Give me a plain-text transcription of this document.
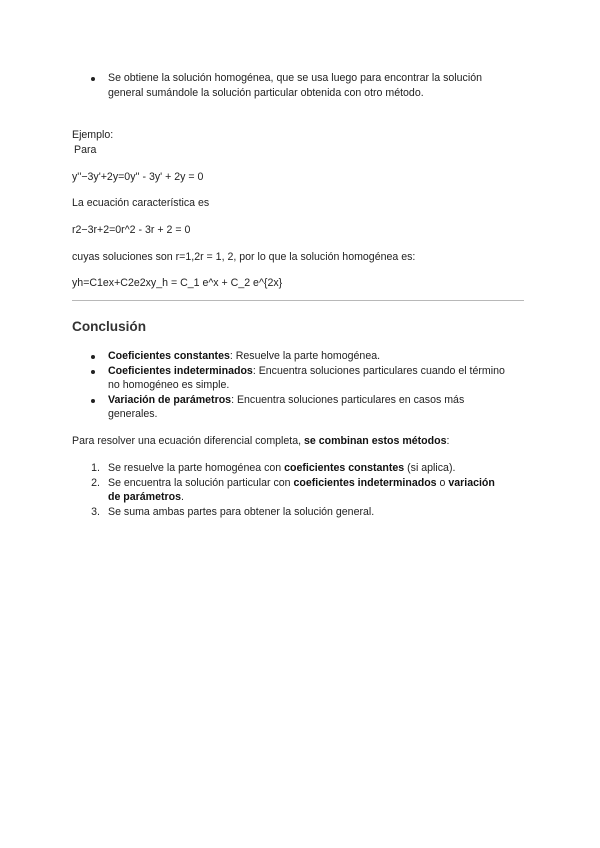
Se obtiene la solución homogénea, que se usa luego para encontrar la solución
general sumándole la solución particular obtenida con otro método.
Ejemplo:
Para
y''−3y'+2y=0y'' - 3y' + 2y = 0
La ecuación característica es
r2−3r+2=0r^2 - 3r + 2 = 0
cuyas soluciones son r=1,2r = 1, 2, por lo que la solución homogénea es:
yh=C1ex+C2e2xy_h = C_1 e^x + C_2 e^{2x}
Conclusión
Coeficientes constantes: Resuelve la parte homogénea.
Coeficientes indeterminados: Encuentra soluciones particulares cuando el término
no homogéneo es simple.
Variación de parámetros: Encuentra soluciones particulares en casos más
generales.
Para resolver una ecuación diferencial completa, se combinan estos métodos:
1. Se resuelve la parte homogénea con coeficientes constantes (si aplica).
2. Se encuentra la solución particular con coeficientes indeterminados o variación
de parámetros.
3. Se suma ambas partes para obtener la solución general.
